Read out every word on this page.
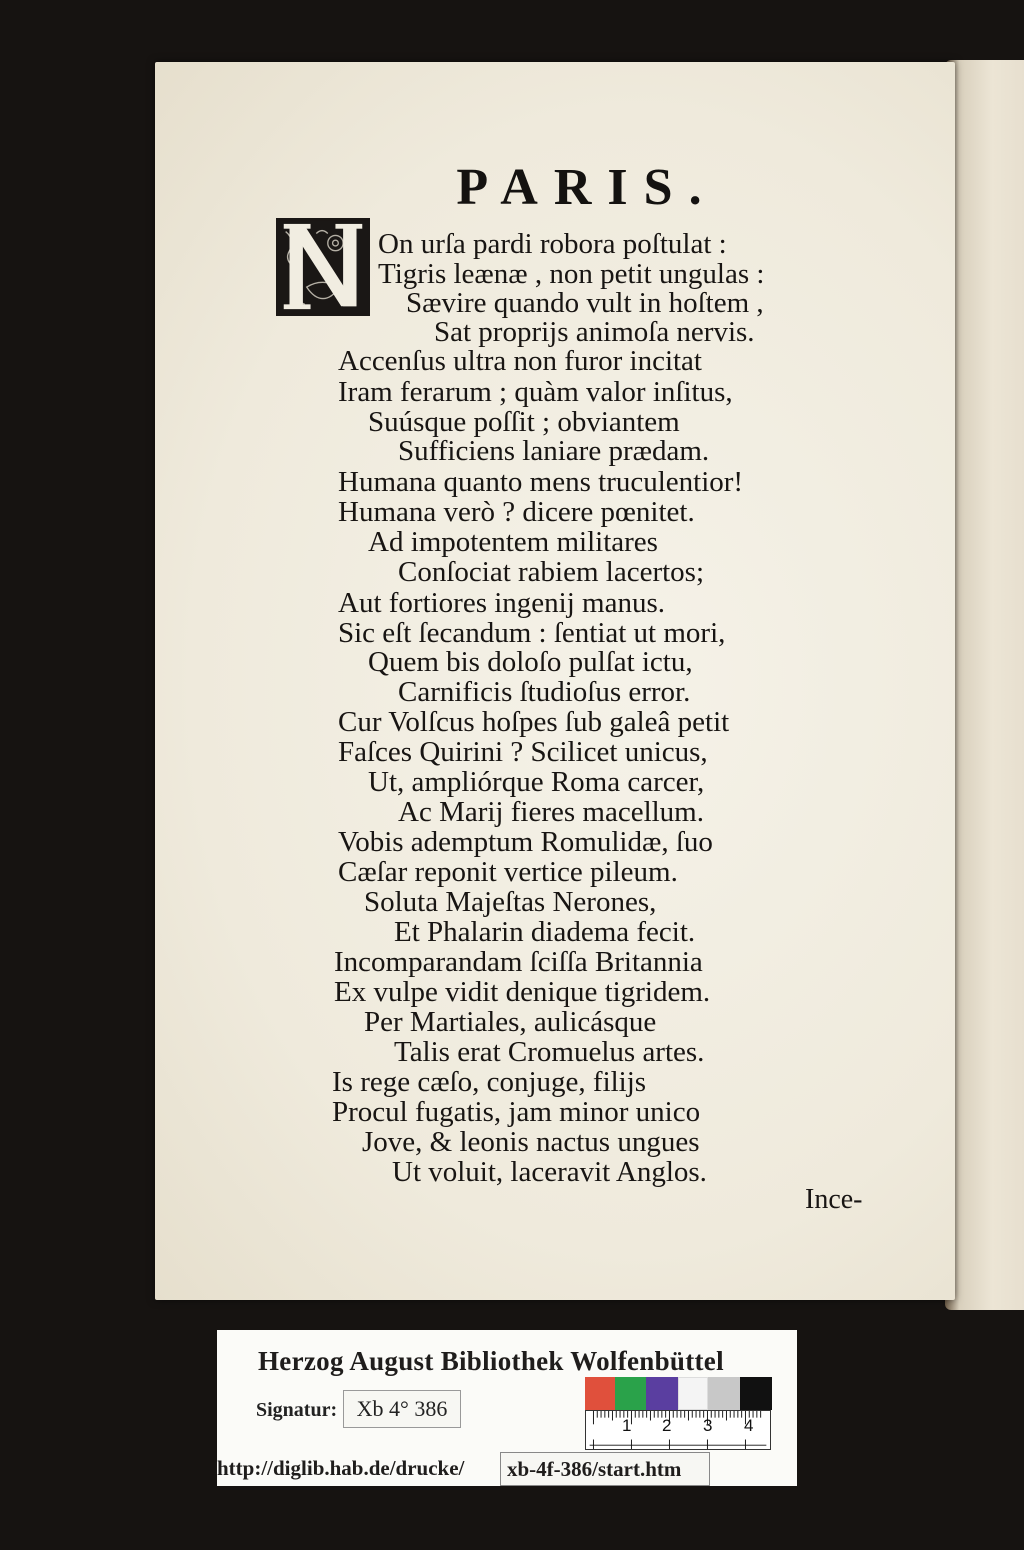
PARIS.
On urſa pardi robora poſtulat :
Tigris leænæ , non petit ungulas :
Sævire quando vult in hoſtem ,
Sat proprijs animoſa nervis.
Accenſus ultra non furor incitat
Iram ferarum ; quàm valor inſitus,
Suúsque poſſit ; obviantem
Sufficiens laniare prædam.
Humana quanto mens truculentior!
Humana verò ? dicere pœnitet.
Ad impotentem militares
Conſociat rabiem lacertos;
Aut fortiores ingenij manus.
Sic eſt ſecandum : ſentiat ut mori,
Quem bis doloſo pulſat ictu,
Carnificis ſtudioſus error.
Cur Volſcus hoſpes ſub galeâ petit
Faſces Quirini ? Scilicet unicus,
Ut, ampliórque Roma carcer,
Ac Marij fieres macellum.
Vobis ademptum Romulidæ, ſuo
Cæſar reponit vertice pileum.
Soluta Majeſtas Nerones,
Et Phalarin diadema fecit.
Incomparandam ſciſſa Britannia
Ex vulpe vidit denique tigridem.
Per Martiales, aulicásque
Talis erat Cromuelus artes.
Is rege cæſo, conjuge, filijs
Procul fugatis, jam minor unico
Jove, & leonis nactus ungues
Ut voluit, laceravit Anglos.
Ince-
Herzog August Bibliothek Wolfenbüttel
Signatur: Xb 4° 386
1 2 3 4
http://diglib.hab.de/drucke/	xb-4f-386/start.htm
